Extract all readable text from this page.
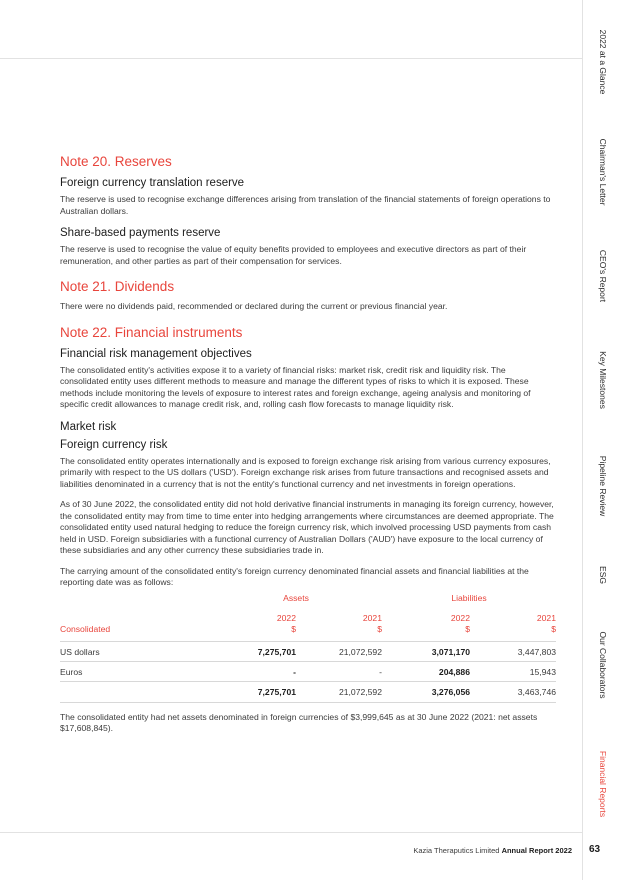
Note 20. Reserves
Foreign currency translation reserve

The reserve is used to recognise exchange differences arising from translation of the financial statements of foreign operations to Australian dollars.

Share-based payments reserve

The reserve is used to recognise the value of equity benefits provided to employees and executive directors as part of their remuneration, and other parties as part of their compensation for services.

Note 21. Dividends

There were no dividends paid, recommended or declared during the current or previous financial year.

Note 22. Financial instruments
Financial risk management objectives

The consolidated entity's activities expose it to a variety of financial risks: market risk, credit risk and liquidity risk. The consolidated entity uses different methods to measure and manage the different types of risks to which it is exposed. These methods include monitoring the levels of exposure to interest rates and foreign exchange, ageing analysis and monitoring of specific credit allowances to manage credit risk, and, rolling cash flow forecasts to manage liquidity risk.

Market risk
Foreign currency risk

The consolidated entity operates internationally and is exposed to foreign exchange risk arising from various currency exposures, primarily with respect to the US dollars ('USD'). Foreign exchange risk arises from future transactions and recognised assets and liabilities denominated in a currency that is not the entity's functional currency and net investments in foreign operations.

As of 30 June 2022, the consolidated entity did not hold derivative financial instruments in managing its foreign currency, however, the consolidated entity may from time to time enter into hedging arrangements where circumstances are deemed appropriate. The consolidated entity used natural hedging to reduce the foreign currency risk, which involved processing USD payments from cash held in USD. Foreign subsidiaries with a functional currency of Australian Dollars ('AUD') have exposure to the local currency of these subsidiaries and any other currency these subsidiaries trade in.

The carrying amount of the consolidated entity's foreign currency denominated financial assets and financial liabilities at the reporting date was as follows:

	Assets		Liabilities	
	2022	2021	2022	2021
Consolidated	$	$	$	$
US dollars	7,275,701	21,072,592	3,071,170	3,447,803
Euros	-	-	204,886	15,943
	7,275,701	21,072,592	3,276,056	3,463,746

The consolidated entity had net assets denominated in foreign currencies of $3,999,645 as at 30 June 2022 (2021: net assets $17,608,845).

2022 at a Glance
Chairman's Letter
CEO's Report
Key Milestones
Pipeline Review
ESG
Our Collaborators
Financial Reports
Kazia Theraputics Limited Annual Report 2022 63
